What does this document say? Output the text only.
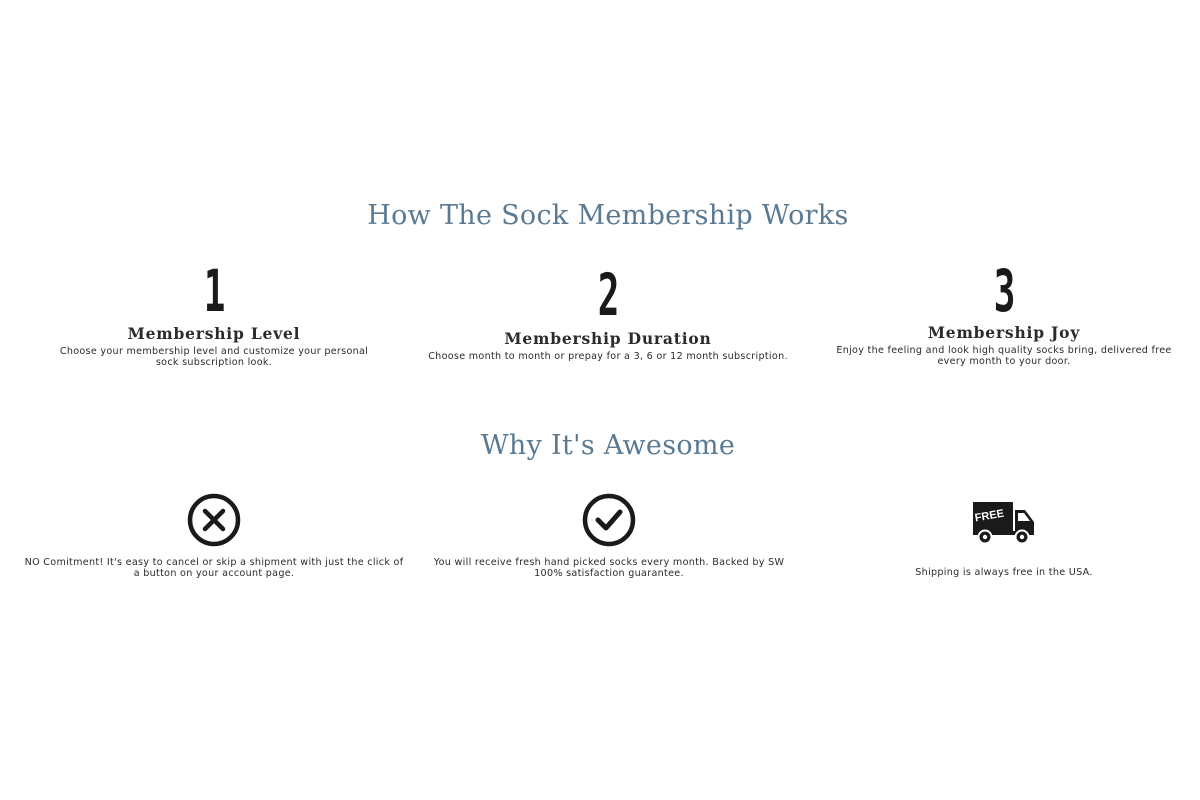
How The Sock Membership Works
1
Membership Level
Choose your membership level and customize your personal sock subscription look.
2
Membership Duration
Choose month to month or prepay for a 3, 6 or 12 month subscription.
3
Membership Joy
Enjoy the feeling and look high quality socks bring, delivered free every month to your door.
Why It's Awesome
NO Comitment! It's easy to cancel or skip a shipment with just the click of a button on your account page.
You will receive fresh hand picked socks every month. Backed by SW 100% satisfaction guarantee.
FREE
Shipping is always free in the USA.
